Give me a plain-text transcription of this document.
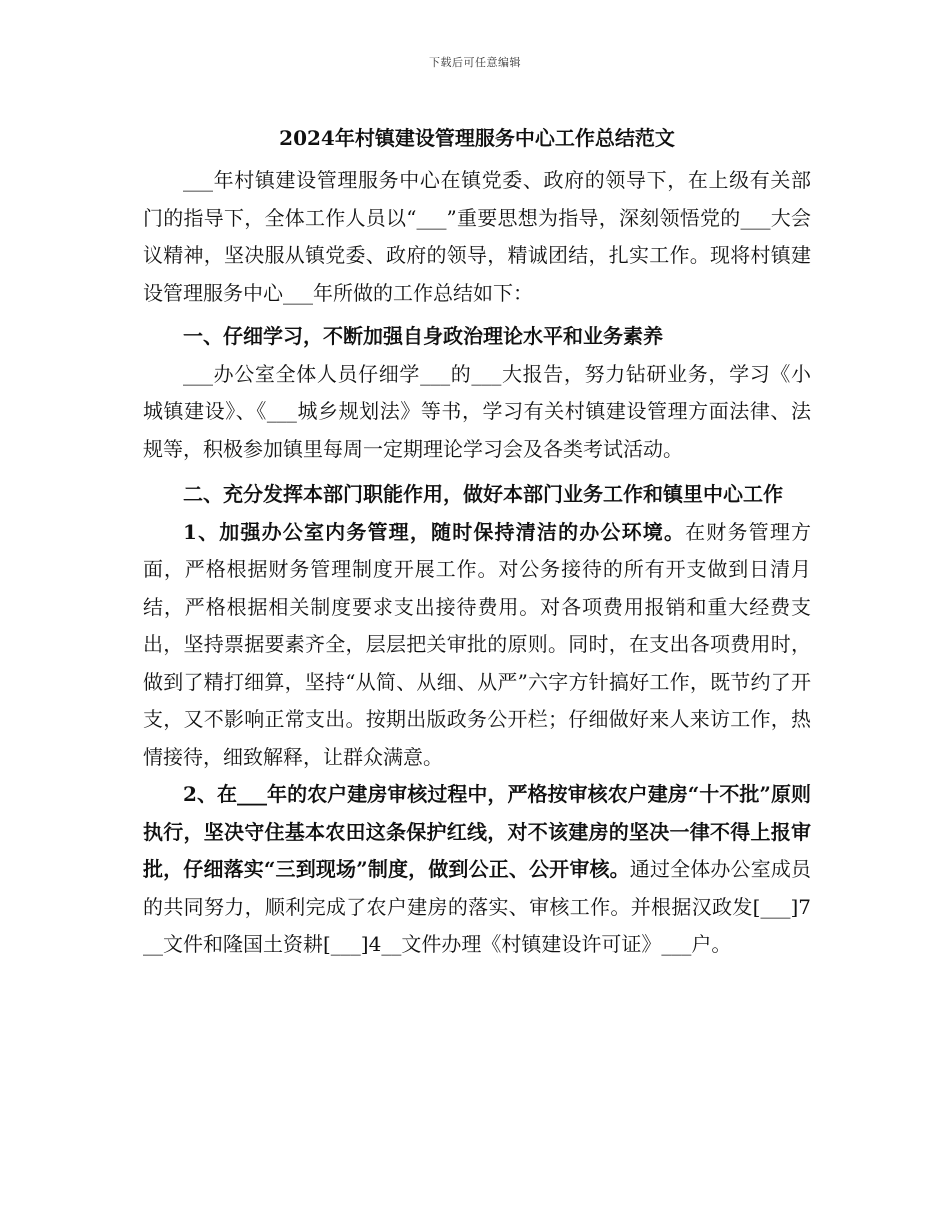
下载后可任意编辑
2024年村镇建设管理服务中心工作总结范文

___年村镇建设管理服务中心在镇党委、政府的领导下，在上级有关部门的指导下，全体工作人员以“___”重要思想为指导，深刻领悟党的___大会议精神，坚决服从镇党委、政府的领导，精诚团结，扎实工作。现将村镇建设管理服务中心___年所做的工作总结如下：

一、仔细学习，不断加强自身政治理论水平和业务素养

___办公室全体人员仔细学___的___大报告，努力钻研业务，学习《小城镇建设》、《___城乡规划法》等书，学习有关村镇建设管理方面法律、法规等，积极参加镇里每周一定期理论学习会及各类考试活动。

二、充分发挥本部门职能作用，做好本部门业务工作和镇里中心工作

1、加强办公室内务管理，随时保持清洁的办公环境。在财务管理方面，严格根据财务管理制度开展工作。对公务接待的所有开支做到日清月结，严格根据相关制度要求支出接待费用。对各项费用报销和重大经费支出，坚持票据要素齐全，层层把关审批的原则。同时，在支出各项费用时，做到了精打细算，坚持“从简、从细、从严”六字方针搞好工作，既节约了开支，又不影响正常支出。按期出版政务公开栏；仔细做好来人来访工作，热情接待，细致解释，让群众满意。

2、在___年的农户建房审核过程中，严格按审核农户建房“十不批”原则执行，坚决守住基本农田这条保护红线，对不该建房的坚决一律不得上报审批，仔细落实“三到现场”制度，做到公正、公开审核。通过全体办公室成员的共同努力，顺利完成了农户建房的落实、审核工作。并根据汉政发[___]7__文件和隆国土资耕[___]4__文件办理《村镇建设许可证》___户。
